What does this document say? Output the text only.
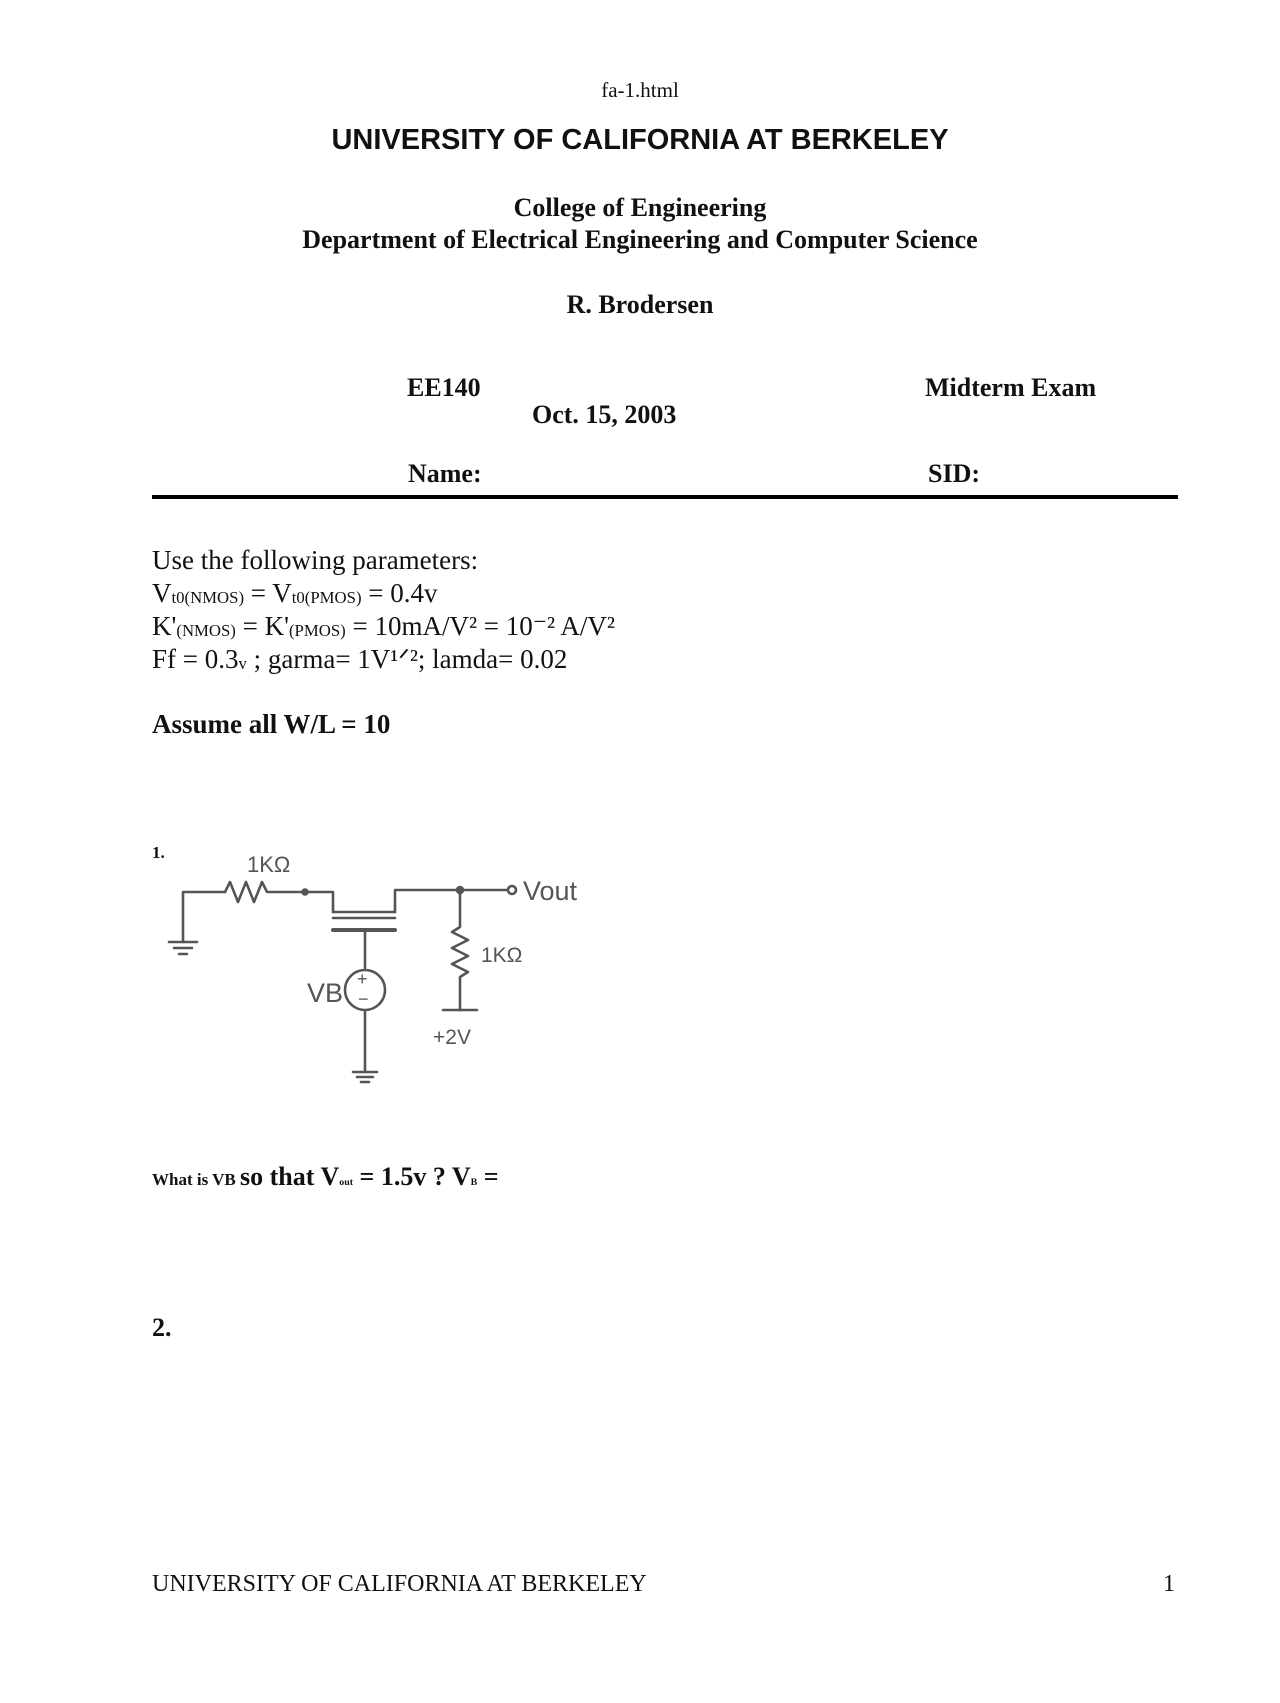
fa-1.html
UNIVERSITY OF CALIFORNIA AT BERKELEY
College of Engineering
Department of Electrical Engineering and Computer Science
R. Brodersen
EE140	Midterm Exam
Oct. 15, 2003
Name:	SID:
Use the following parameters:
$V_{t0(NMOS)} = V_{t0(PMOS)} = 0.4v$
$K'_{(NMOS)} = K'_{(PMOS)} = 10mA/V^2 = 10^{-2}$ A/V²
$Ff = 0.3_v$ ; garma= 1V¹ᐟ²; lamda= 0.02
Assume all W/L = 10
1.	1KΩ
Vout
1KΩ
VB +
−
+2V
What is VB so that $V_{out} = 1.5v$ ? $V_B$ =
2.
UNIVERSITY OF CALIFORNIA AT BERKELEY	1
